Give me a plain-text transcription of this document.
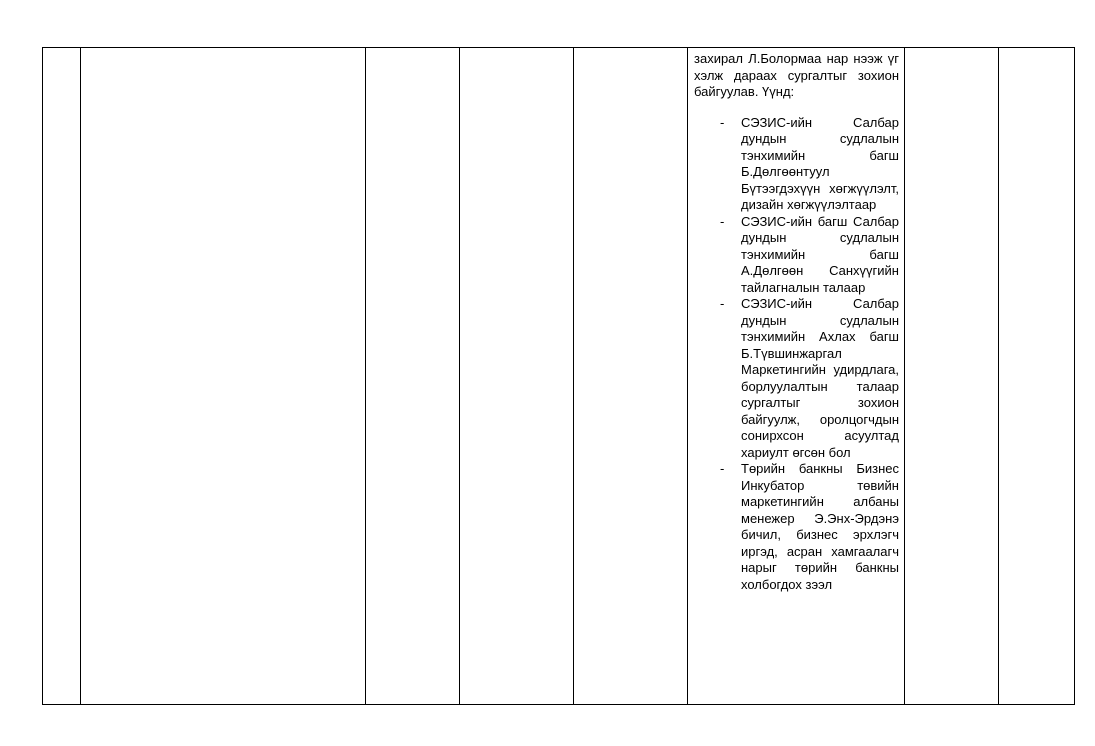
захирал Л.Болормаа нар нээж үг хэлж дараах сургалтыг зохион байгуулав. Үүнд:

- СЭЗИС-ийн Салбар дундын судлалын тэнхимийн багш Б.Дөлгөөнтуул Бүтээгдэхүүн хөгжүүлэлт, дизайн хөгжүүлэлтаар
- СЭЗИС-ийн багш Салбар дундын судлалын тэнхимийн багш А.Дөлгөөн Санхүүгийн тайлагналын талаар
- СЭЗИС-ийн Салбар дундын судлалын тэнхимийн Ахлах багш Б.Түвшинжаргал Маркетингийн удирдлага, борлуулалтын талаар сургалтыг зохион байгуулж, оролцогчдын сонирхсон асуултад хариулт өгсөн бол
- Төрийн банкны Бизнес Инкубатор төвийн маркетингийн албаны менежер Э.Энх-Эрдэнэ бичил, бизнес эрхлэгч иргэд, асран хамгаалагч нарыг төрийн банкны холбогдох зээл
